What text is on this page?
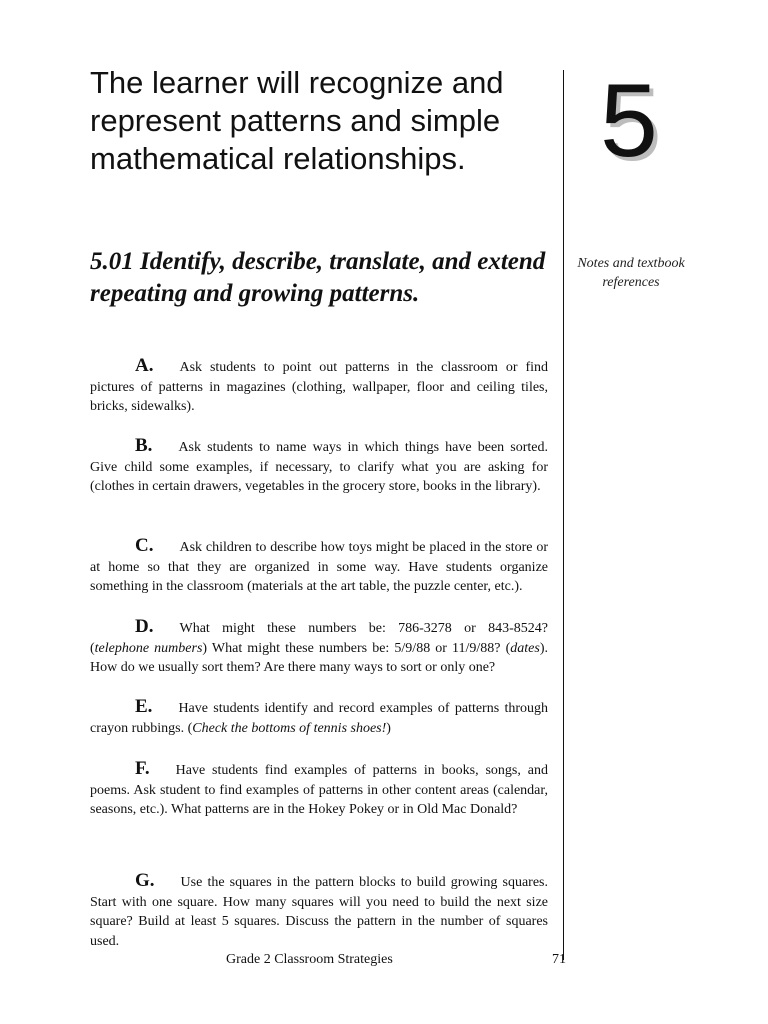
The learner will recognize and represent patterns and simple mathematical relationships.	5
Notes and textbook references
5.01 Identify, describe, translate, and extend repeating and growing patterns.
A. Ask students to point out patterns in the classroom or find pictures of patterns in magazines (clothing, wallpaper, floor and ceiling tiles, bricks, sidewalks).
B. Ask students to name ways in which things have been sorted. Give child some examples, if necessary, to clarify what you are asking for (clothes in certain drawers, vegetables in the grocery store, books in the library).
C. Ask children to describe how toys might be placed in the store or at home so that they are organized in some way. Have students organize something in the classroom (materials at the art table, the puzzle center, etc.).
D. What might these numbers be: 786-3278 or 843-8524? (telephone numbers) What might these numbers be: 5/9/88 or 11/9/88? (dates). How do we usually sort them? Are there many ways to sort or only one?
E. Have students identify and record examples of patterns through crayon rubbings. (Check the bottoms of tennis shoes!)
F. Have students find examples of patterns in books, songs, and poems. Ask student to find examples of patterns in other content areas (calendar, seasons, etc.). What patterns are in the Hokey Pokey or in Old Mac Donald?
G. Use the squares in the pattern blocks to build growing squares. Start with one square. How many squares will you need to build the next size square? Build at least 5 squares. Discuss the pattern in the number of squares used.
Grade 2 Classroom Strategies	71
